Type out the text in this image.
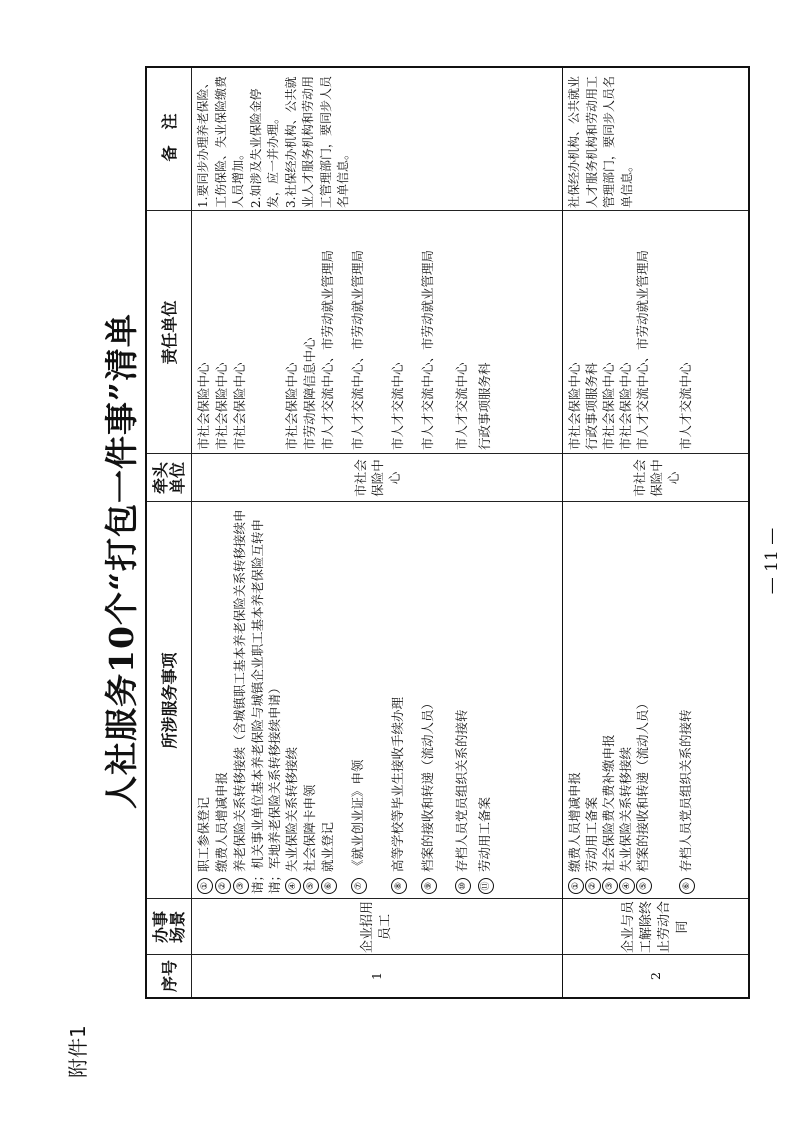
附件1
人社服务10个“打包一件事”清单
序号
办事
场景
所涉服务事项
牵头
单位
责任单位
备　注
1
企业招用
员工
市社会
保险中
心
1.要同步办理养老保险、工伤保险、失业保险缴费人员增加。
2.如涉及失业保险金停发，应一并办理。
3.社保经办机构、公共就业人才服务机构和劳动用工管理部门，要同步人员名单信息。
2
企业与员
工解除终
止劳动合
同
市社会
保险中
心
社保经办机构、公共就业人才服务机构和劳动用工管理部门，要同步人员名单信息。
①职工参保登记
市社会保险中心
②缴费人员增减申报
市社会保险中心
③养老保险关系转移接续（含城镇职工基本养老保险关系转移接续申请；机关事业单位基本养老保险与城镇企业职工基本养老保险互转申请；军地养老保险关系转移接续申请）
市社会保险中心
④失业保险关系转移接续
市社会保险中心
⑤社会保障卡申领
市劳动保障信息中心
⑥就业登记
市人才交流中心、市劳动就业管理局
⑦《就业创业证》申领
市人才交流中心、市劳动就业管理局
⑧高等学校等毕业生接收手续办理
市人才交流中心
⑨档案的接收和转递（流动人员）
市人才交流中心、市劳动就业管理局
⑩存档人员党员组织关系的接转
市人才交流中心
⑪劳动用工备案
行政事项服务科
①缴费人员增减申报
市社会保险中心
②劳动用工备案
行政事项服务科
③社会保险费欠费补缴申报
市社会保险中心
④失业保险关系转移接续
市社会保险中心
⑤档案的接收和转递（流动人员）
市人才交流中心、市劳动就业管理局
⑥存档人员党员组织关系的接转
市人才交流中心
— 11 —
